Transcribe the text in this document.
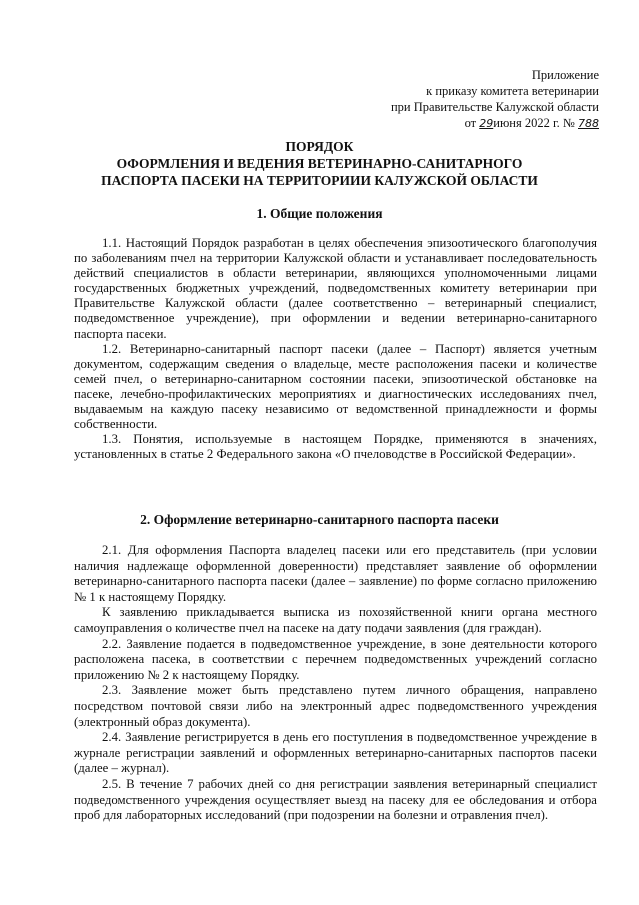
Приложение
к приказу комитета ветеринарии
при Правительстве Калужской области
от 29июня 2022 г. № 788
ПОРЯДОК
ОФОРМЛЕНИЯ И ВЕДЕНИЯ ВЕТЕРИНАРНО-САНИТАРНОГО
ПАСПОРТА ПАСЕКИ НА ТЕРРИТОРИИИ КАЛУЖСКОЙ ОБЛАСТИ
1. Общие положения

1.1. Настоящий Порядок разработан в целях обеспечения эпизоотического благополучия по заболеваниям пчел на территории Калужской области и устанавливает последовательность действий специалистов в области ветеринарии, являющихся уполномоченными лицами государственных бюджетных учреждений, подведомственных комитету ветеринарии при Правительстве Калужской области (далее соответственно – ветеринарный специалист, подведомственное учреждение), при оформлении и ведении ветеринарно-санитарного паспорта пасеки.

1.2. Ветеринарно-санитарный паспорт пасеки (далее – Паспорт) является учетным документом, содержащим сведения о владельце, месте расположения пасеки и количестве семей пчел, о ветеринарно-санитарном состоянии пасеки, эпизоотической обстановке на пасеке, лечебно-профилактических мероприятиях и диагностических исследованиях пчел, выдаваемым на каждую пасеку независимо от ведомственной принадлежности и формы собственности.

1.3. Понятия, используемые в настоящем Порядке, применяются в значениях, установленных в статье 2 Федерального закона «О пчеловодстве в Российской Федерации».

2. Оформление ветеринарно-санитарного паспорта пасеки

2.1. Для оформления Паспорта владелец пасеки или его представитель (при условии наличия надлежаще оформленной доверенности) представляет заявление об оформлении ветеринарно-санитарного паспорта пасеки (далее – заявление) по форме согласно приложению № 1 к настоящему Порядку.

К заявлению прикладывается выписка из похозяйственной книги органа местного самоуправления о количестве пчел на пасеке на дату подачи заявления (для граждан).

2.2. Заявление подается в подведомственное учреждение, в зоне деятельности которого расположена пасека, в соответствии с перечнем подведомственных учреждений согласно приложению № 2 к настоящему Порядку.

2.3. Заявление может быть представлено путем личного обращения, направлено посредством почтовой связи либо на электронный адрес подведомственного учреждения (электронный образ документа).

2.4. Заявление регистрируется в день его поступления в подведомственное учреждение в журнале регистрации заявлений и оформленных ветеринарно-санитарных паспортов пасеки (далее – журнал).

2.5. В течение 7 рабочих дней со дня регистрации заявления ветеринарный специалист подведомственного учреждения осуществляет выезд на пасеку для ее обследования и отбора проб для лабораторных исследований (при подозрении на болезни и отравления пчел).
